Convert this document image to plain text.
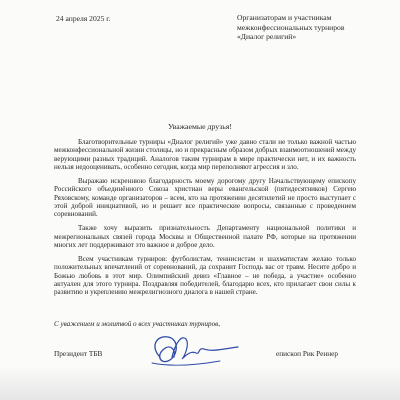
24 апреля 2025 г.	Организаторам и участникам
межконфессиональных турниров
«Диалог религий»
Уважаемые друзья!

Благотворительные турниры «Диалог религий» уже давно стали не только важной частью межконфессиональной жизни столицы, но и прекрасным образом добрых взаимоотношений между верующими разных традиций. Аналогов таким турнирам в мире практически нет, и их важность нельзя недооценивать, особенно сегодня, когда мир переполняют агрессия и зло.

Выражаю искреннюю благодарность моему дорогому другу Начальствующему епископу Российского объединённого Союза христиан веры евангельской (пятидесятников) Сергею Ряховскому, команде организаторов – всем, кто на протяжении десятилетий не просто выступает с этой доброй инициативой, но и решает все практические вопросы, связанные с проведением соревнований.

Также хочу выразить признательность Департаменту национальной политики и межрегиональных связей города Москвы и Общественной палате РФ, которые на протяжении многих лет поддерживают это важное и доброе дело.

Всем участникам турниров: футболистам, теннисистам и шахматистам желаю только положительных впечатлений от соревнований, да сохранит Господь вас от травм. Несите добро и Божью любовь в этот мир. Олимпийский девиз «Главное – не победа, а участие» особенно актуален для этого турнира. Поздравляя победителей, благодарю всех, кто прилагает свои силы к развитию и укреплению межрелигиозного диалога в нашей стране.

С уважением и молитвой о всех участниках турниров,
Президент ТБВ	епископ Рик Реннер
